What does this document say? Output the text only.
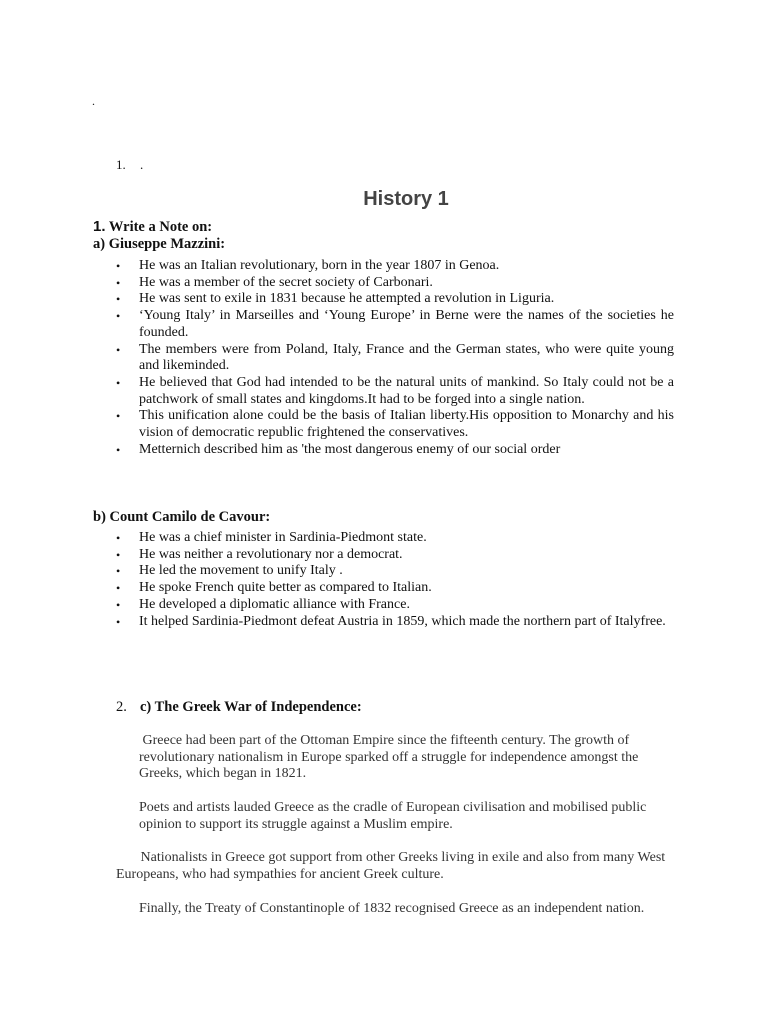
.
1. .
History 1
1. Write a Note on:
a) Giuseppe Mazzini:
• He was an Italian revolutionary, born in the year 1807 in Genoa.
• He was a member of the secret society of Carbonari.
• He was sent to exile in 1831 because he attempted a revolution in Liguria.
• ‘Young Italy’ in Marseilles and ‘Young Europe’ in Berne were the names of the societies he founded.
• The members were from Poland, Italy, France and the German states, who were quite young and likeminded.
• He believed that God had intended to be the natural units of mankind. So Italy could not be a patchwork of small states and kingdoms.It had to be forged into a single nation.
• This unification alone could be the basis of Italian liberty.His opposition to Monarchy and his vision of democratic republic frightened the conservatives.
• Metternich described him as 'the most dangerous enemy of our social order
b) Count Camilo de Cavour:
• He was a chief minister in Sardinia-Piedmont state.
• He was neither a revolutionary nor a democrat.
• He led the movement to unify Italy .
• He spoke French quite better as compared to Italian.
• He developed a diplomatic alliance with France.
• It helped Sardinia-Piedmont defeat Austria in 1859, which made the northern part of Italyfree.
2. c) The Greek War of Independence:
Greece had been part of the Ottoman Empire since the fifteenth century. The growth of revolutionary nationalism in Europe sparked off a struggle for independence amongst the Greeks, which began in 1821.
Poets and artists lauded Greece as the cradle of European civilisation and mobilised public opinion to support its struggle against a Muslim empire.
Nationalists in Greece got support from other Greeks living in exile and also from many West Europeans, who had sympathies for ancient Greek culture.
Finally, the Treaty of Constantinople of 1832 recognised Greece as an independent nation.
